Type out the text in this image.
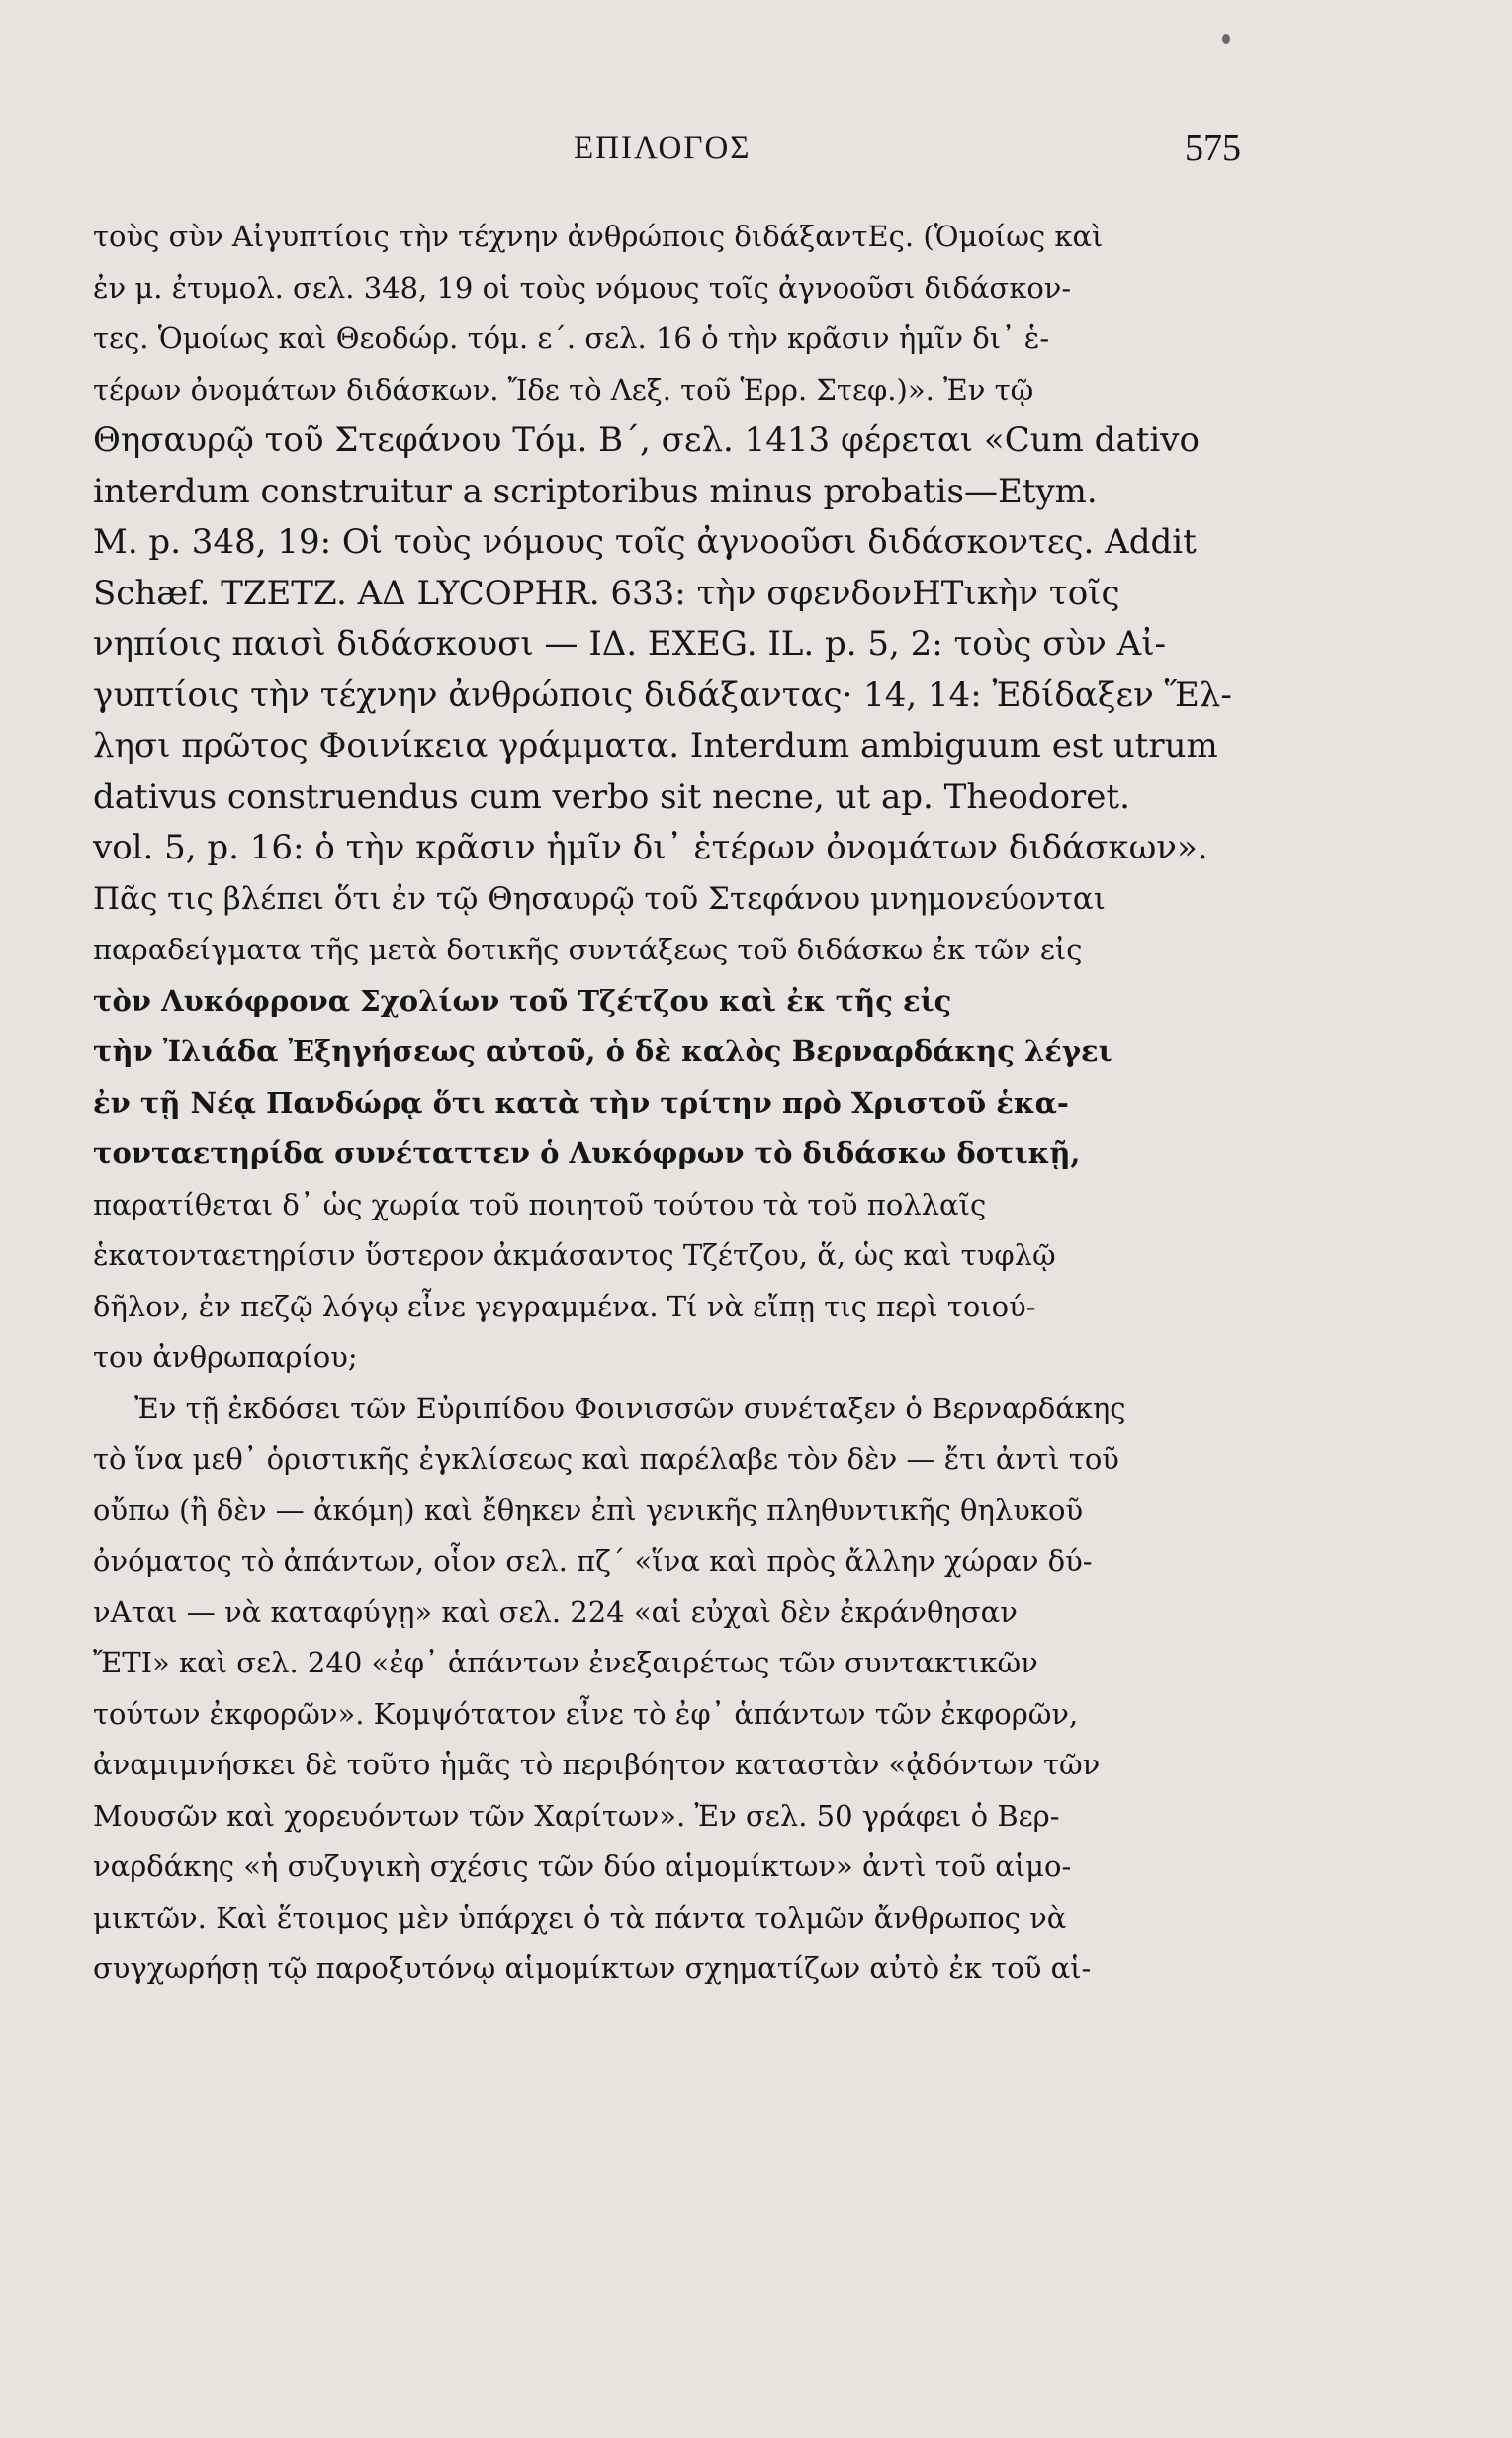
ΕΠΙΛΟΓΟΣ	575
τοὺς σὺν Αἰγυπτίοις τὴν τέχνην ἀνθρώποις διδάξαντΕς. (Ὁμοίως καὶ
ἐν μ. ἐτυμολ. σελ. 348, 19 οἱ τοὺς νόμους τοῖς ἀγνοοῦσι διδάσκον-
τες. Ὁμοίως καὶ Θεοδώρ. τόμ. ε΄. σελ. 16 ὁ τὴν κρᾶσιν ἡμῖν δι᾽ ἑ-
τέρων ὀνομάτων διδάσκων. Ἴδε τὸ Λεξ. τοῦ Ἑρρ. Στεφ.)». Ἐν τῷ
Θησαυρῷ τοῦ Στεφάνου Τόμ. Β΄, σελ. 1413 φέρεται «Cum dativo
interdum construitur a scriptoribus minus probatis—Etym.
M. p. 348, 19: Οἱ τοὺς νόμους τοῖς ἀγνοοῦσι διδάσκοντες. Addit
Schæf. TZETZ. ΑΔ LYCOPHR. 633: τὴν σφενδονΗΤικὴν τοῖς
νηπίοις παισὶ διδάσκουσι — ΙΔ. EXEG. IL. p. 5, 2: τοὺς σὺν Αἰ-
γυπτίοις τὴν τέχνην ἀνθρώποις διδάξαντας· 14, 14: Ἐδίδαξεν Ἕλ-
λησι πρῶτος Φοινίκεια γράμματα. Interdum ambiguum est utrum
dativus construendus cum verbo sit necne, ut ap. Theodoret.
vol. 5, p. 16: ὁ τὴν κρᾶσιν ἡμῖν δι᾽ ἑτέρων ὀνομάτων διδάσκων».
Πᾶς τις βλέπει ὅτι ἐν τῷ Θησαυρῷ τοῦ Στεφάνου μνημονεύονται
παραδείγματα τῆς μετὰ δοτικῆς συντάξεως τοῦ διδάσκω ἐκ τῶν εἰς
τὸν Λυκόφρονα Σχολίων τοῦ Τζέτζου καὶ ἐκ τῆς εἰς
τὴν Ἰλιάδα Ἐξηγήσεως αὐτοῦ, ὁ δὲ καλὸς Βερναρδάκης λέγει
ἐν τῇ Νέᾳ Πανδώρᾳ ὅτι κατὰ τὴν τρίτην πρὸ Χριστοῦ ἑκα-
τονταετηρίδα συνέταττεν ὁ Λυκόφρων τὸ διδάσκω δοτικῇ,
παρατίθεται δ᾽ ὡς χωρία τοῦ ποιητοῦ τούτου τὰ τοῦ πολλαῖς
ἑκατονταετηρίσιν ὕστερον ἀκμάσαντος Τζέτζου, ἅ, ὡς καὶ τυφλῷ
δῆλον, ἐν πεζῷ λόγῳ εἶνε γεγραμμένα. Τί νὰ εἴπῃ τις περὶ τοιού-
του ἀνθρωπαρίου;
Ἐν τῇ ἐκδόσει τῶν Εὐριπίδου Φοινισσῶν συνέταξεν ὁ Βερναρδάκης
τὸ ἵνα μεθ᾽ ὁριστικῆς ἐγκλίσεως καὶ παρέλαβε τὸν δὲν — ἔτι ἀντὶ τοῦ
οὔπω (ἢ δὲν — ἀκόμη) καὶ ἔθηκεν ἐπὶ γενικῆς πληθυντικῆς θηλυκοῦ
ὀνόματος τὸ ἀπάντων, οἷον σελ. πζ΄ «ἵνα καὶ πρὸς ἄλλην χώραν δύ-
νΑται — νὰ καταφύγῃ» καὶ σελ. 224 «αἱ εὐχαὶ δὲν ἐκράνθησαν
ἜΤΙ» καὶ σελ. 240 «ἐφ᾽ ἁπάντων ἐνεξαιρέτως τῶν συντακτικῶν
τούτων ἐκφορῶν». Κομψότατον εἶνε τὸ ἐφ᾽ ἁπάντων τῶν ἐκφορῶν,
ἀναμιμνήσκει δὲ τοῦτο ἡμᾶς τὸ περιβόητον καταστὰν «ᾀδόντων τῶν
Μουσῶν καὶ χορευόντων τῶν Χαρίτων». Ἐν σελ. 50 γράφει ὁ Βερ-
ναρδάκης «ἡ συζυγικὴ σχέσις τῶν δύο αἱμομίκτων» ἀντὶ τοῦ αἱμο-
μικτῶν. Καὶ ἕτοιμος μὲν ὑπάρχει ὁ τὰ πάντα τολμῶν ἄνθρωπος νὰ
συγχωρήσῃ τῷ παροξυτόνῳ αἱμομίκτων σχηματίζων αὐτὸ ἐκ τοῦ αἱ-
